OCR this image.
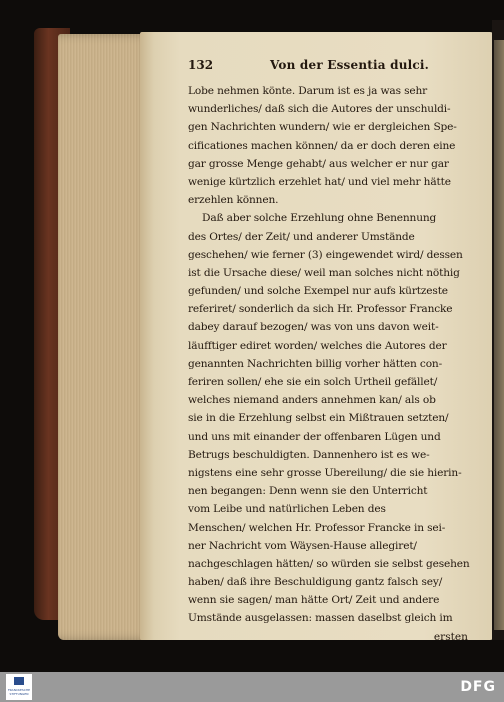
132	Von der Essentia dulci.
Lobe nehmen könte. Darum ist es ja was sehr
wunderliches/ daß sich die Autores der unschuldi-
gen Nachrichten wundern/ wie er dergleichen Spe-
cificationes machen können/ da er doch deren eine
gar grosse Menge gehabt/ aus welcher er nur gar
wenige kürtzlich erzehlet hat/ und viel mehr hätte
erzehlen können.
Daß aber solche Erzehlung ohne Benennung
des Ortes/ der Zeit/ und anderer Umstände
geschehen/ wie ferner (3) eingewendet wird/ dessen
ist die Ursache diese/ weil man solches nicht nöthig
gefunden/ und solche Exempel nur aufs kürtzeste
referiret/ sonderlich da sich Hr. Professor Francke
dabey darauf bezogen/ was von uns davon weit-
läufftiger ediret worden/ welches die Autores der
genannten Nachrichten billig vorher hätten con-
feriren sollen/ ehe sie ein solch Urtheil gefället/
welches niemand anders annehmen kan/ als ob
sie in die Erzehlung selbst ein Mißtrauen setzten/
und uns mit einander der offenbaren Lügen und
Betrugs beschuldigten. Dannenhero ist es we-
nigstens eine sehr grosse Ubereilung/ die sie hierin-
nen begangen: Denn wenn sie den Unterricht
vom Leibe und natürlichen Leben des
Menschen/ welchen Hr. Professor Francke in sei-
ner Nachricht vom Wäysen-Hause allegiret/
nachgeschlagen hätten/ so würden sie selbst gesehen
haben/ daß ihre Beschuldigung gantz falsch sey/
wenn sie sagen/ man hätte Ort/ Zeit und andere
Umstände ausgelassen: massen daselbst gleich im
ersten
FRANCKESCHE STIFTUNGEN	DFG
